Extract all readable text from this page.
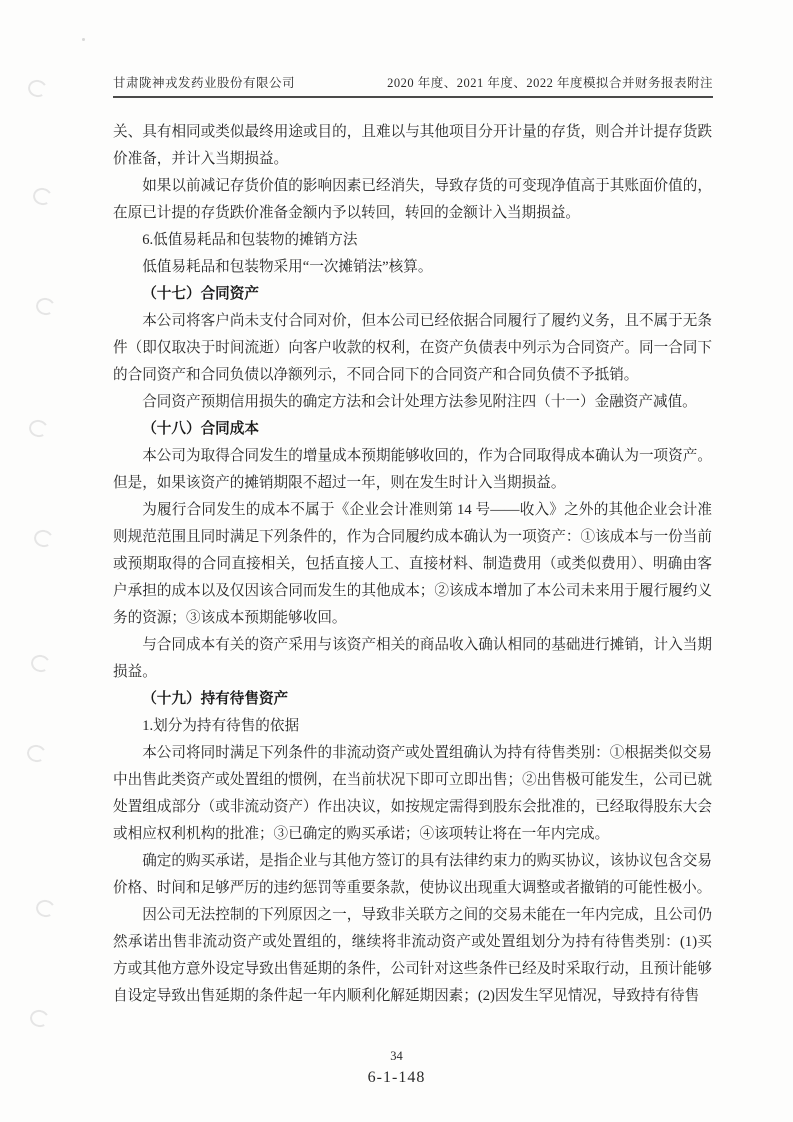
甘肃陇神戎发药业股份有限公司	2020 年度、2021 年度、2022 年度模拟合并财务报表附注

关、具有相同或类似最终用途或目的，且难以与其他项目分开计量的存货，则合并计提存货跌价准备，并计入当期损益。

如果以前减记存货价值的影响因素已经消失，导致存货的可变现净值高于其账面价值的，在原已计提的存货跌价准备金额内予以转回，转回的金额计入当期损益。

6.低值易耗品和包装物的摊销方法

低值易耗品和包装物采用“一次摊销法”核算。

（十七）合同资产

本公司将客户尚未支付合同对价，但本公司已经依据合同履行了履约义务，且不属于无条件（即仅取决于时间流逝）向客户收款的权利，在资产负债表中列示为合同资产。同一合同下的合同资产和合同负债以净额列示，不同合同下的合同资产和合同负债不予抵销。

合同资产预期信用损失的确定方法和会计处理方法参见附注四（十一）金融资产减值。

（十八）合同成本

本公司为取得合同发生的增量成本预期能够收回的，作为合同取得成本确认为一项资产。但是，如果该资产的摊销期限不超过一年，则在发生时计入当期损益。

为履行合同发生的成本不属于《企业会计准则第 14 号——收入》之外的其他企业会计准则规范范围且同时满足下列条件的，作为合同履约成本确认为一项资产：①该成本与一份当前或预期取得的合同直接相关，包括直接人工、直接材料、制造费用（或类似费用）、明确由客户承担的成本以及仅因该合同而发生的其他成本；②该成本增加了本公司未来用于履行履约义务的资源；③该成本预期能够收回。

与合同成本有关的资产采用与该资产相关的商品收入确认相同的基础进行摊销，计入当期损益。

（十九）持有待售资产

1.划分为持有待售的依据

本公司将同时满足下列条件的非流动资产或处置组确认为持有待售类别：①根据类似交易中出售此类资产或处置组的惯例，在当前状况下即可立即出售；②出售极可能发生，公司已就处置组成部分（或非流动资产）作出决议，如按规定需得到股东会批准的，已经取得股东大会或相应权利机构的批准；③已确定的购买承诺；④该项转让将在一年内完成。

确定的购买承诺，是指企业与其他方签订的具有法律约束力的购买协议，该协议包含交易价格、时间和足够严厉的违约惩罚等重要条款，使协议出现重大调整或者撤销的可能性极小。

因公司无法控制的下列原因之一，导致非关联方之间的交易未能在一年内完成，且公司仍然承诺出售非流动资产或处置组的，继续将非流动资产或处置组划分为持有待售类别：(1)买方或其他方意外设定导致出售延期的条件，公司针对这些条件已经及时采取行动，且预计能够自设定导致出售延期的条件起一年内顺利化解延期因素；(2)因发生罕见情况，导致持有待售

34
6-1-148
